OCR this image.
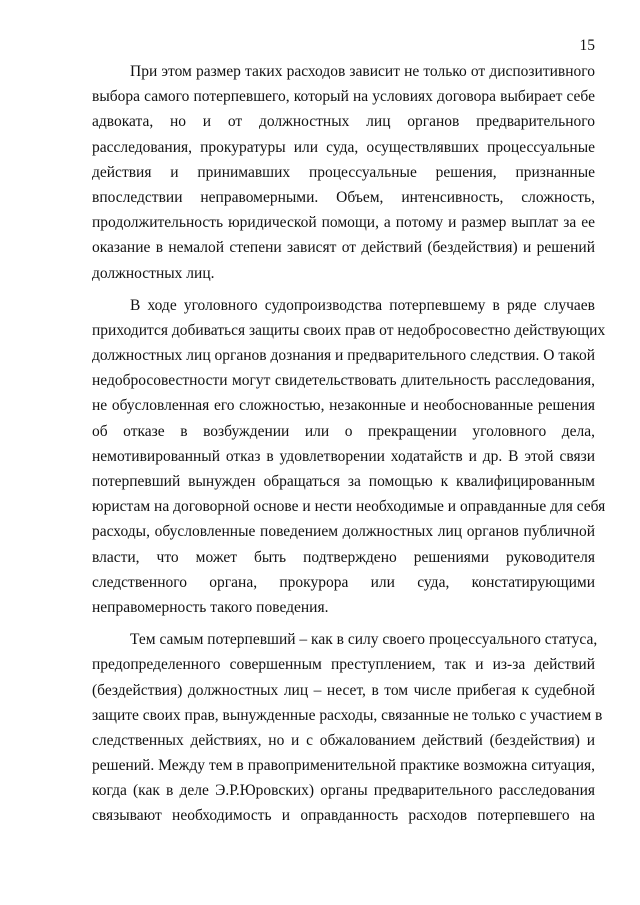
15
При этом размер таких расходов зависит не только от диспозитивного
выбора самого потерпевшего, который на условиях договора выбирает себе
адвоката, но и от должностных лиц органов предварительного
расследования, прокуратуры или суда, осуществлявших процессуальные
действия и принимавших процессуальные решения, признанные
впоследствии неправомерными. Объем, интенсивность, сложность,
продолжительность юридической помощи, а потому и размер выплат за ее
оказание в немалой степени зависят от действий (бездействия) и решений
должностных лиц.
В ходе уголовного судопроизводства потерпевшему в ряде случаев
приходится добиваться защиты своих прав от недобросовестно действующих
должностных лиц органов дознания и предварительного следствия. О такой
недобросовестности могут свидетельствовать длительность расследования,
не обусловленная его сложностью, незаконные и необоснованные решения
об отказе в возбуждении или о прекращении уголовного дела,
немотивированный отказ в удовлетворении ходатайств и др. В этой связи
потерпевший вынужден обращаться за помощью к квалифицированным
юристам на договорной основе и нести необходимые и оправданные для себя
расходы, обусловленные поведением должностных лиц органов публичной
власти, что может быть подтверждено решениями руководителя
следственного органа, прокурора или суда, констатирующими
неправомерность такого поведения.
Тем самым потерпевший – как в силу своего процессуального статуса,
предопределенного совершенным преступлением, так и из-за действий
(бездействия) должностных лиц – несет, в том числе прибегая к судебной
защите своих прав, вынужденные расходы, связанные не только с участием в
следственных действиях, но и с обжалованием действий (бездействия) и
решений. Между тем в правоприменительной практике возможна ситуация,
когда (как в деле Э.Р.Юровских) органы предварительного расследования
связывают необходимость и оправданность расходов потерпевшего на
